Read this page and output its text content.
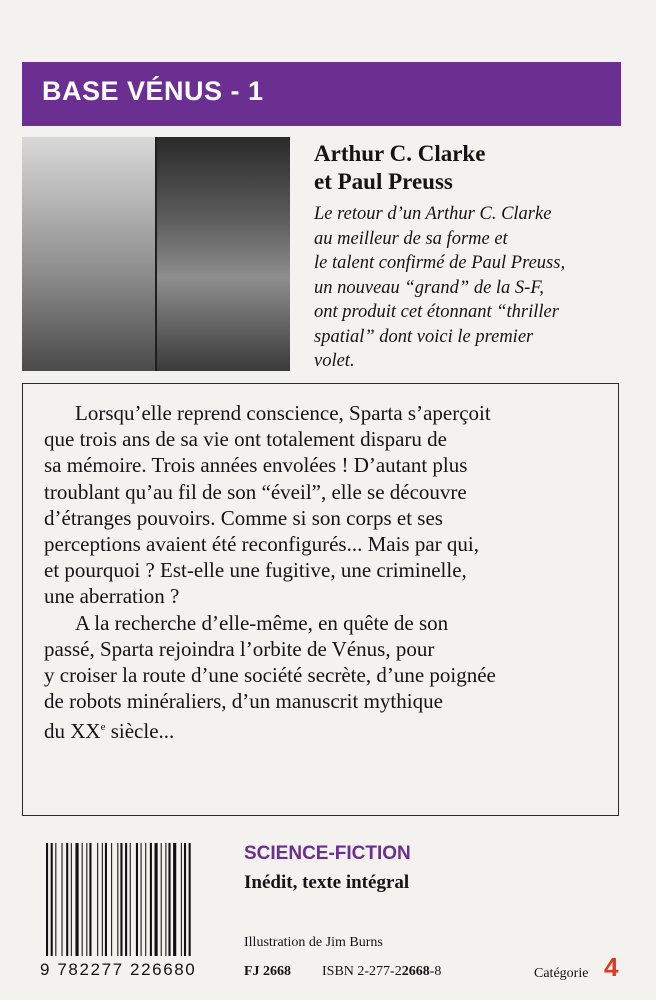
BASE VÉNUS - 1
Arthur C. Clarke
et Paul Preuss
Le retour d’un Arthur C. Clarke
au meilleur de sa forme et
le talent confirmé de Paul Preuss,
un nouveau “grand” de la S-F,
ont produit cet étonnant “thriller
spatial” dont voici le premier
volet.
Lorsqu’elle reprend conscience, Sparta s’aperçoit
que trois ans de sa vie ont totalement disparu de
sa mémoire. Trois années envolées ! D’autant plus
troublant qu’au fil de son “éveil”, elle se découvre
d’étranges pouvoirs. Comme si son corps et ses
perceptions avaient été reconfigurés... Mais par qui,
et pourquoi ? Est-elle une fugitive, une criminelle,
une aberration ?
A la recherche d’elle-même, en quête de son
passé, Sparta rejoindra l’orbite de Vénus, pour
y croiser la route d’une société secrète, d’une poignée
de robots minéraliers, d’un manuscrit mythique
du XXe siècle...
9 782277 226680
SCIENCE-FICTION
Inédit, texte intégral
Illustration de Jim Burns
FJ 2668 ISBN 2-277-22668-8	Catégorie 4
